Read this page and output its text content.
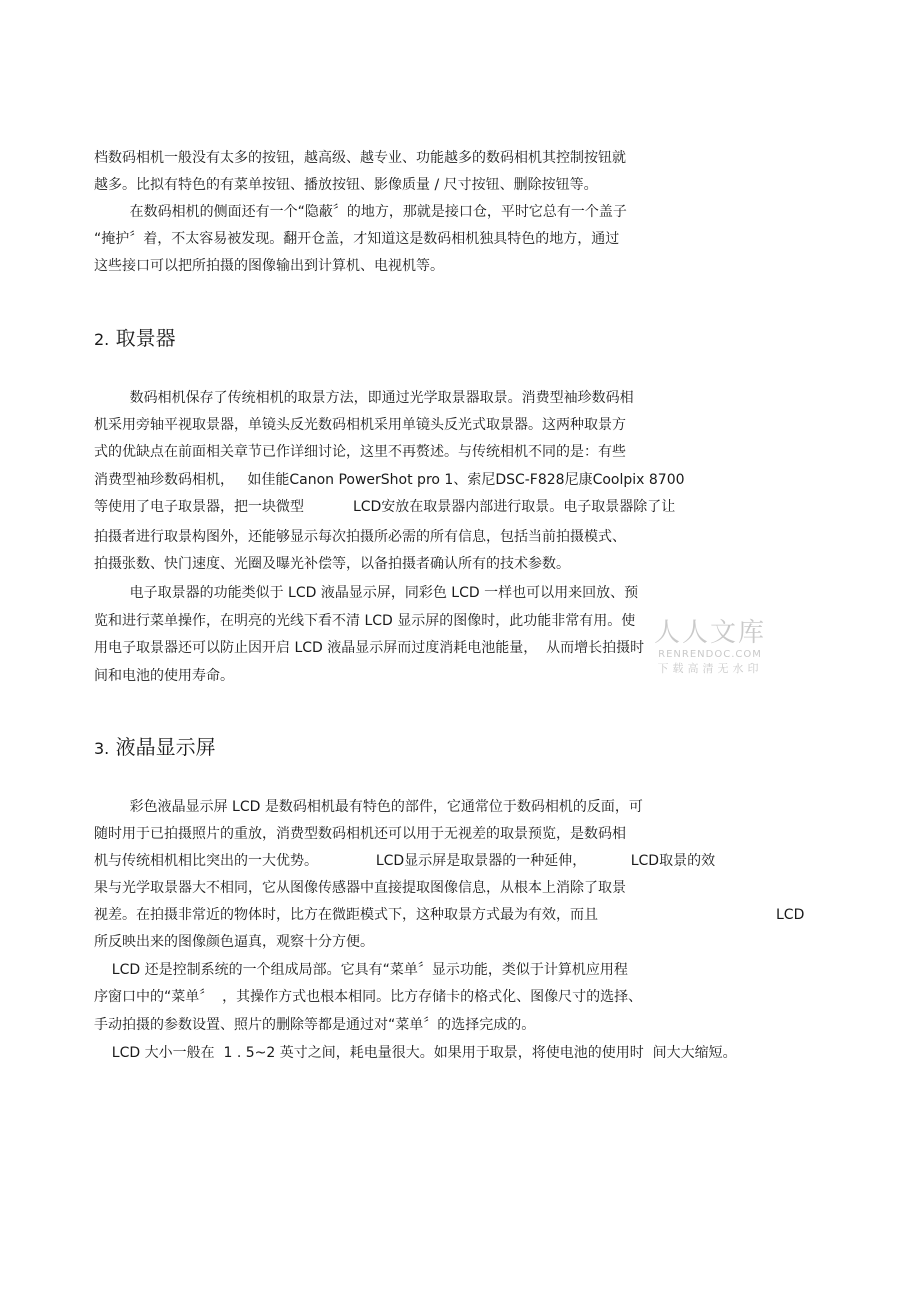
档数码相机一般没有太多的按钮，越高级、越专业、功能越多的数码相机其控制按钮就

越多。比拟有特色的有菜单按钮、播放按钮、影像质量 / 尺寸按钮、删除按钮等。

在数码相机的侧面还有一个“隐蔽〞的地方，那就是接口仓，平时它总有一个盖子

“掩护〞着，不太容易被发现。翻开仓盖，才知道这是数码相机独具特色的地方，通过

这些接口可以把所拍摄的图像输出到计算机、电视机等。

2. 取景器

数码相机保存了传统相机的取景方法，即通过光学取景器取景。消费型袖珍数码相

机采用旁轴平视取景器，单镜头反光数码相机采用单镜头反光式取景器。这两种取景方

式的优缺点在前面相关章节已作详细讨论，这里不再赘述。与传统相机不同的是：有些

消费型袖珍数码相机，   如佳能Canon PowerShot pro 1、索尼DSC-F828尼康Coolpix 8700

等使用了电子取景器，把一块微型           LCD安放在取景器内部进行取景。电子取景器除了让

拍摄者进行取景构图外，还能够显示每次拍摄所必需的所有信息，包括当前拍摄模式、

拍摄张数、快门速度、光圈及曝光补偿等，以备拍摄者确认所有的技术参数。

电子取景器的功能类似于 LCD 液晶显示屏，同彩色 LCD 一样也可以用来回放、预

览和进行菜单操作，在明亮的光线下看不清 LCD 显示屏的图像时，此功能非常有用。使

用电子取景器还可以防止因开启 LCD 液晶显示屏而过度消耗电池能量，  从而增长拍摄时

间和电池的使用寿命。

人人文库
RENRENDOC.COM
下载高清无水印
3. 液晶显示屏

彩色液晶显示屏 LCD 是数码相机最有特色的部件，它通常位于数码相机的反面，可

随时用于已拍摄照片的重放，消费型数码相机还可以用于无视差的取景预览，是数码相

机与传统相机相比突出的一大优势。             LCD显示屏是取景器的一种延伸，          LCD取景的效

果与光学取景器大不相同，它从图像传感器中直接提取图像信息，从根本上消除了取景

视差。在拍摄非常近的物体时，比方在微距模式下，这种取景方式最为有效，而且	LCD

所反映出来的图像颜色逼真，观察十分方便。

LCD 还是控制系统的一个组成局部。它具有“菜单〞显示功能，类似于计算机应用程

序窗口中的“菜单〞  ，其操作方式也根本相同。比方存储卡的格式化、图像尺寸的选择、

手动拍摄的参数设置、照片的删除等都是通过对“菜单〞的选择完成的。

LCD 大小一般在  1 . 5~2 英寸之间，耗电量很大。如果用于取景，将使电池的使用时  间大大缩短。
